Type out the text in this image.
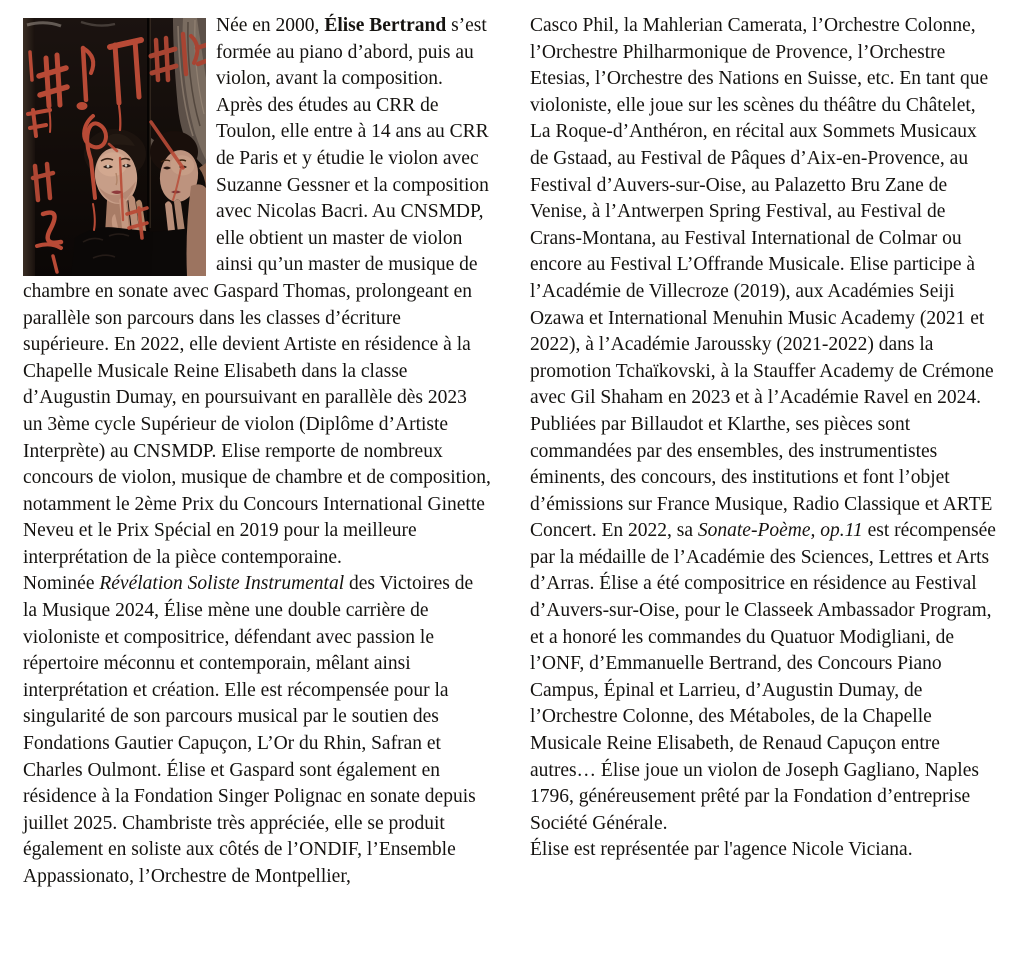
Née en 2000, Élise Bertrand s’est formée au piano d’abord, puis au violon, avant la composition. Après des études au CRR de Toulon, elle entre à 14 ans au CRR de Paris et y étudie le violon avec Suzanne Gessner et la composition avec Nicolas Bacri. Au CNSMDP, elle obtient un master de violon ainsi qu’un master de musique de chambre en sonate avec Gaspard Thomas, prolongeant en parallèle son parcours dans les classes d’écriture supérieure. En 2022, elle devient Artiste en résidence à la Chapelle Musicale Reine Elisabeth dans la classe d’Augustin Dumay, en poursuivant en parallèle dès 2023 un 3ème cycle Supérieur de violon (Diplôme d’Artiste Interprète) au CNSMDP. Elise remporte de nombreux concours de violon, musique de chambre et de composition, notamment le 2ème Prix du Concours International Ginette Neveu et le Prix Spécial en 2019 pour la meilleure interprétation de la pièce contemporaine.

Nominée Révélation Soliste Instrumental des Victoires de la Musique 2024, Élise mène une double carrière de violoniste et compositrice, défendant avec passion le répertoire méconnu et contemporain, mêlant ainsi interprétation et création. Elle est récompensée pour la singularité de son parcours musical par le soutien des Fondations Gautier Capuçon, L’Or du Rhin, Safran et Charles Oulmont. Élise et Gaspard sont également en résidence à la Fondation Singer Polignac en sonate depuis juillet 2025. Chambriste très appréciée, elle se produit également en soliste aux côtés de l’ONDIF, l’Ensemble Appassionato, l’Orchestre de Montpellier,

Casco Phil, la Mahlerian Camerata, l’Orchestre Colonne, l’Orchestre Philharmonique de Provence, l’Orchestre Etesias, l’Orchestre des Nations en Suisse, etc. En tant que violoniste, elle joue sur les scènes du théâtre du Châtelet, La Roque-d’Anthéron, en récital aux Sommets Musicaux de Gstaad, au Festival de Pâques d’Aix-en-Provence, au Festival d’Auvers-sur-Oise, au Palazetto Bru Zane de Venise, à l’Antwerpen Spring Festival, au Festival de Crans-Montana, au Festival International de Colmar ou encore au Festival L’Offrande Musicale. Elise participe à l’Académie de Villecroze (2019), aux Académies Seiji Ozawa et International Menuhin Music Academy (2021 et 2022), à l’Académie Jaroussky (2021-2022) dans la promotion Tchaïkovski, à la Stauffer Academy de Crémone avec Gil Shaham en 2023 et à l’Académie Ravel en 2024.

Publiées par Billaudot et Klarthe, ses pièces sont commandées par des ensembles, des instrumentistes éminents, des concours, des institutions et font l’objet d’émissions sur France Musique, Radio Classique et ARTE Concert. En 2022, sa Sonate-Poème, op.11 est récompensée par la médaille de l’Académie des Sciences, Lettres et Arts d’Arras. Élise a été compositrice en résidence au Festival d’Auvers-sur-Oise, pour le Classeek Ambassador Program, et a honoré les commandes du Quatuor Modigliani, de l’ONF, d’Emmanuelle Bertrand, des Concours Piano Campus, Épinal et Larrieu, d’Augustin Dumay, de l’Orchestre Colonne, des Métaboles, de la Chapelle Musicale Reine Elisabeth, de Renaud Capuçon entre autres… Élise joue un violon de Joseph Gagliano, Naples 1796, généreusement prêté par la Fondation d’entreprise Société Générale.

Élise est représentée par l'agence Nicole Viciana.
